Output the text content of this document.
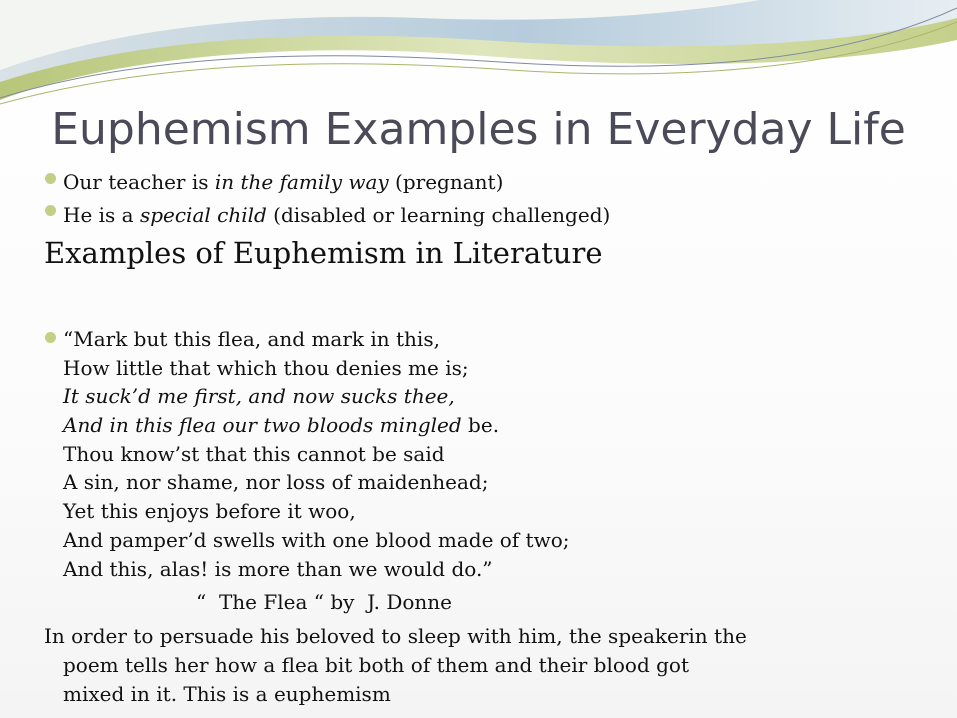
Euphemism Examples in Everyday Life
Our teacher is in the family way (pregnant)
He is a special child (disabled or learning challenged)
Examples of Euphemism in Literature
“Mark but this flea, and mark in this,
How little that which thou denies me is;
It suck’d me first, and now sucks thee,
And in this flea our two bloods mingled be.
Thou know’st that this cannot be said
A sin, nor shame, nor loss of maidenhead;
Yet this enjoys before it woo,
And pamper’d swells with one blood made of two;
And this, alas! is more than we would do.”
“  The Flea “ by  J. Donne
In order to persuade his beloved to sleep with him, the speakerin the
poem tells her how a flea bit both of them and their blood got
mixed in it. This is a euphemism
